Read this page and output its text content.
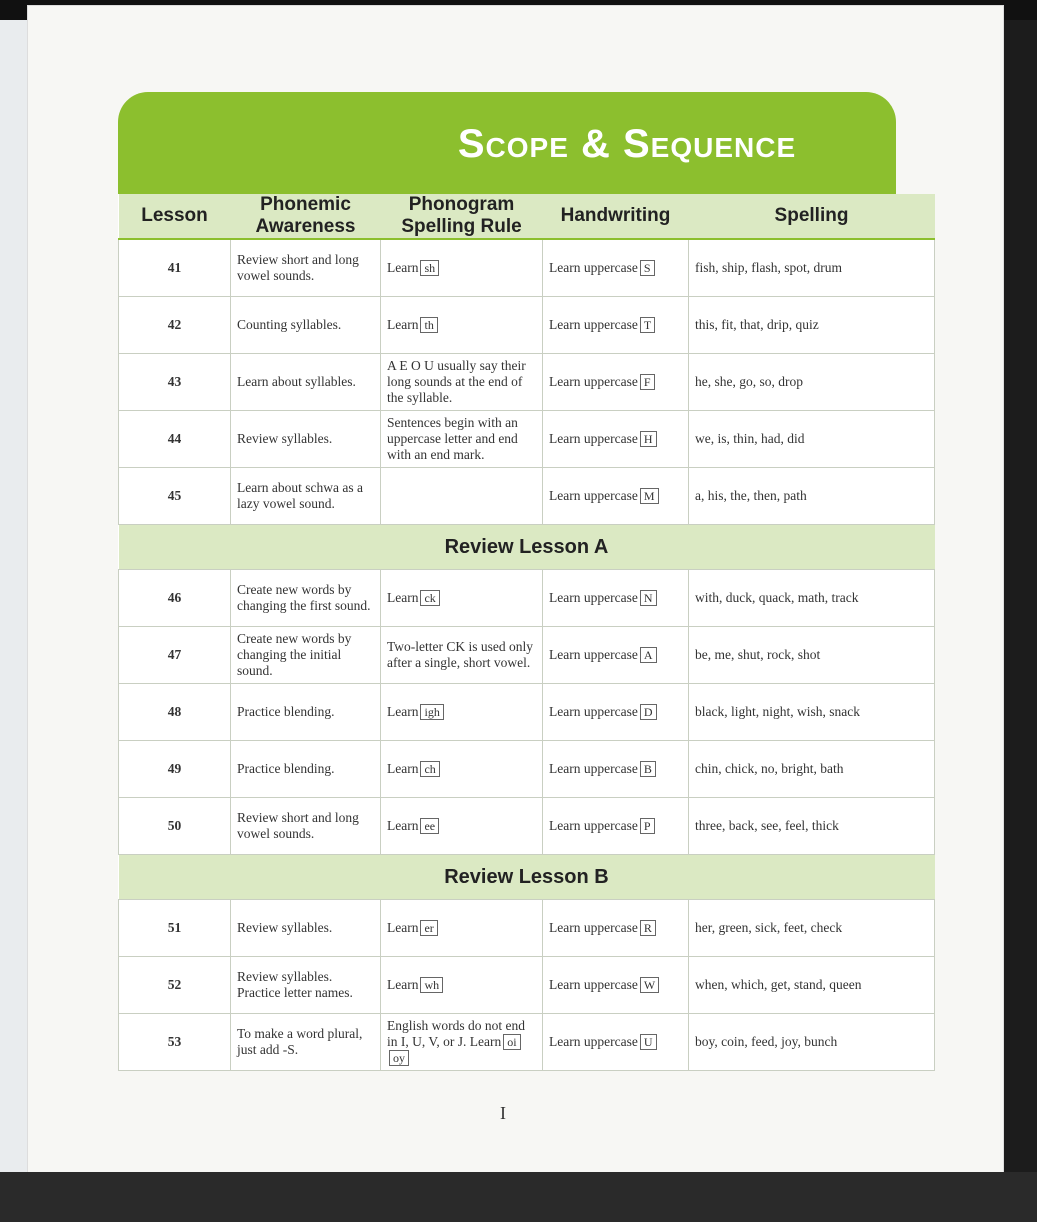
Scope & Sequence
Lesson	Phonemic Awareness	Phonogram Spelling Rule	Handwriting	Spelling
41	Review short and long vowel sounds.	Learn sh	Learn uppercase S	fish, ship, flash, spot, drum
42	Counting syllables.	Learn th	Learn uppercase T	this, fit, that, drip, quiz
43	Learn about syllables.	A E O U usually say their long sounds at the end of the syllable.	Learn uppercase F	he, she, go, so, drop
44	Review syllables.	Sentences begin with an uppercase letter and end with an end mark.	Learn uppercase H	we, is, thin, had, did
45	Learn about schwa as a lazy vowel sound.		Learn uppercase M	a, his, the, then, path
Review Lesson A				
46	Create new words by changing the first sound.	Learn ck	Learn uppercase N	with, duck, quack, math, track
47	Create new words by changing the initial sound.	Two-letter CK is used only after a single, short vowel.	Learn uppercase A	be, me, shut, rock, shot
48	Practice blending.	Learn igh	Learn uppercase D	black, light, night, wish, snack
49	Practice blending.	Learn ch	Learn uppercase B	chin, chick, no, bright, bath
50	Review short and long vowel sounds.	Learn ee	Learn uppercase P	three, back, see, feel, thick
Review Lesson B				
51	Review syllables.	Learn er	Learn uppercase R	her, green, sick, feet, check
52	Review syllables. Practice letter names.	Learn wh	Learn uppercase W	when, which, get, stand, queen
53	To make a word plural, just add -S.	English words do not end in I, U, V, or J. Learn oioy	Learn uppercase U	boy, coin, feed, joy, bunch
I
